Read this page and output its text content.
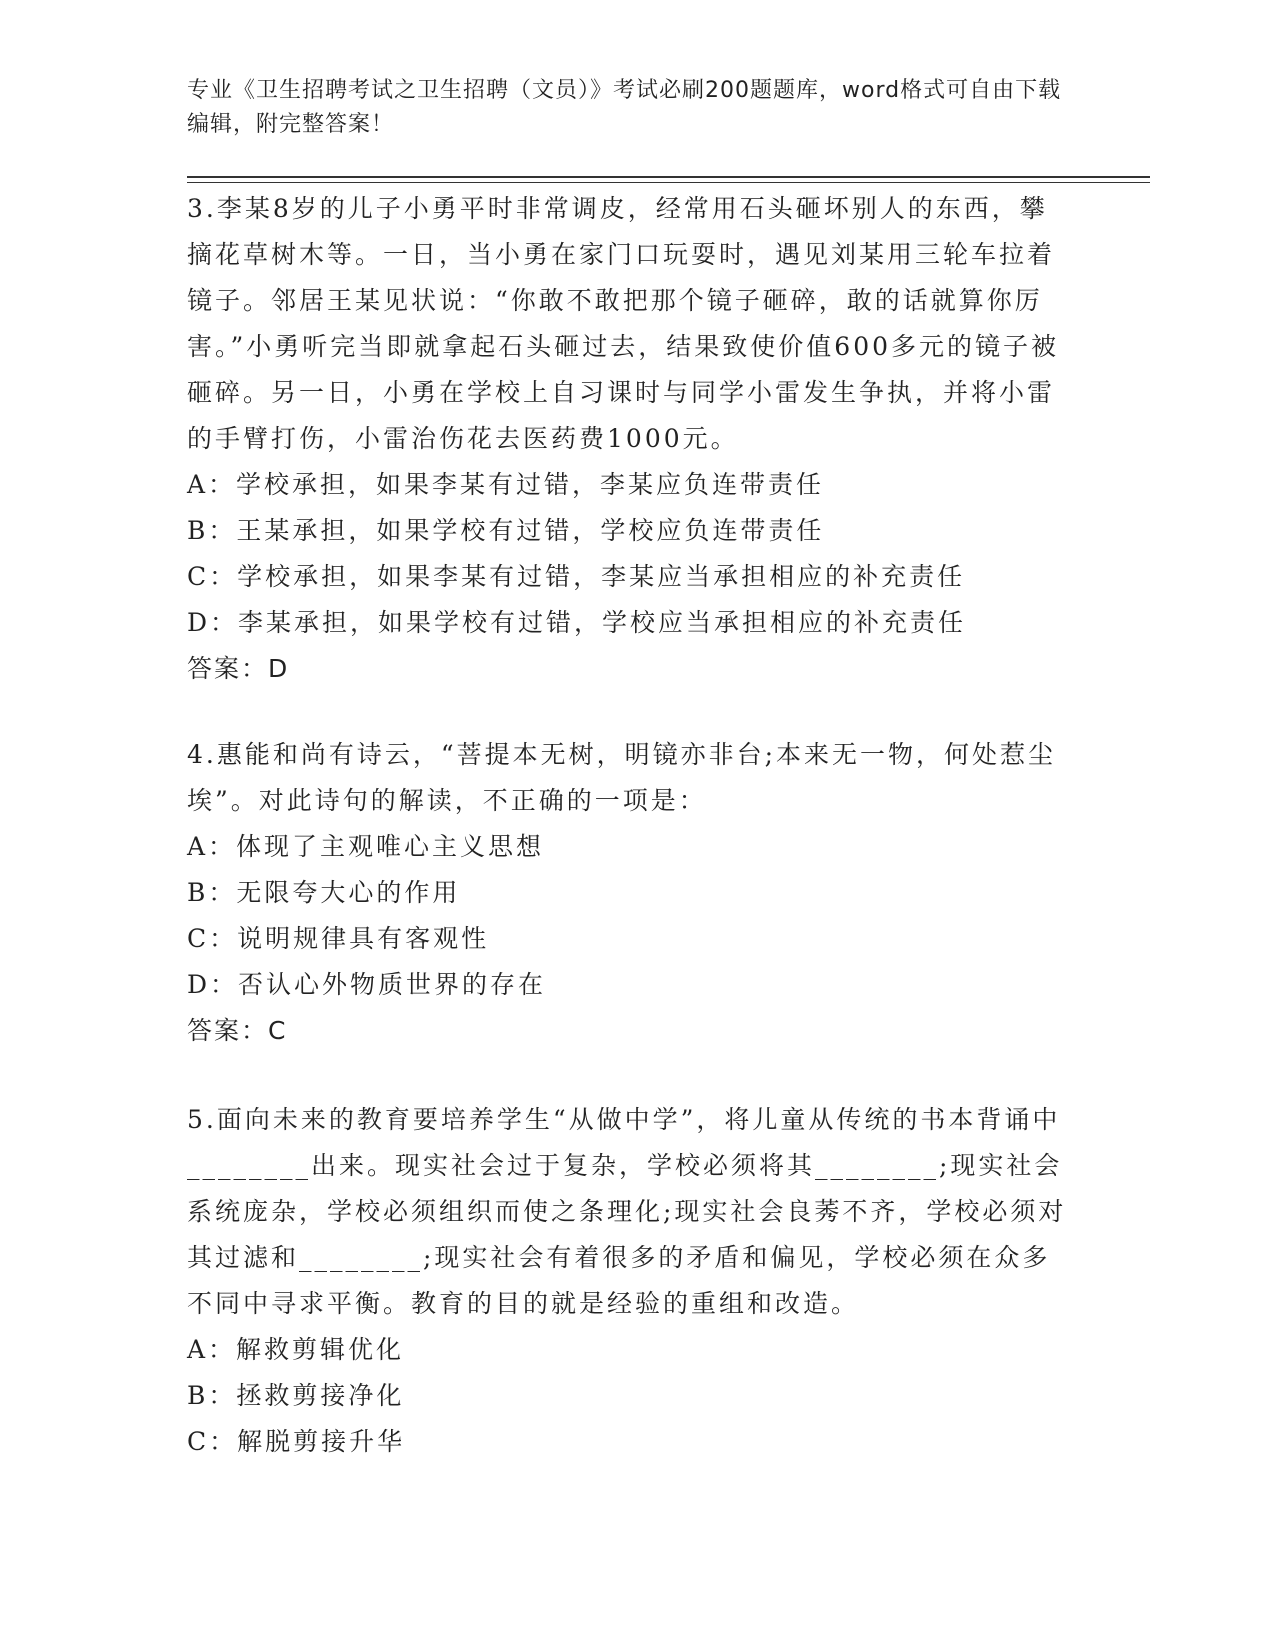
专业《卫生招聘考试之卫生招聘（文员）》考试必刷200题题库，word格式可自由下载编辑，附完整答案！

3.李某8岁的儿子小勇平时非常调皮，经常用石头砸坏别人的东西，攀摘花草树木等。一日，当小勇在家门口玩耍时，遇见刘某用三轮车拉着镜子。邻居王某见状说：“你敢不敢把那个镜子砸碎，敢的话就算你厉害。”小勇听完当即就拿起石头砸过去，结果致使价值600多元的镜子被砸碎。另一日，小勇在学校上自习课时与同学小雷发生争执，并将小雷的手臂打伤，小雷治伤花去医药费1000元。

A：学校承担，如果李某有过错，李某应负连带责任

B：王某承担，如果学校有过错，学校应负连带责任

C：学校承担，如果李某有过错，李某应当承担相应的补充责任

D：李某承担，如果学校有过错，学校应当承担相应的补充责任

答案：D

4.惠能和尚有诗云，“菩提本无树，明镜亦非台;本来无一物，何处惹尘埃”。对此诗句的解读，不正确的一项是：

A：体现了主观唯心主义思想

B：无限夸大心的作用

C：说明规律具有客观性

D：否认心外物质世界的存在

答案：C

5.面向未来的教育要培养学生“从做中学”，将儿童从传统的书本背诵中________出来。现实社会过于复杂，学校必须将其________;现实社会系统庞杂，学校必须组织而使之条理化;现实社会良莠不齐，学校必须对其过滤和________;现实社会有着很多的矛盾和偏见，学校必须在众多不同中寻求平衡。教育的目的就是经验的重组和改造。

A：解救剪辑优化

B：拯救剪接净化

C：解脱剪接升华
